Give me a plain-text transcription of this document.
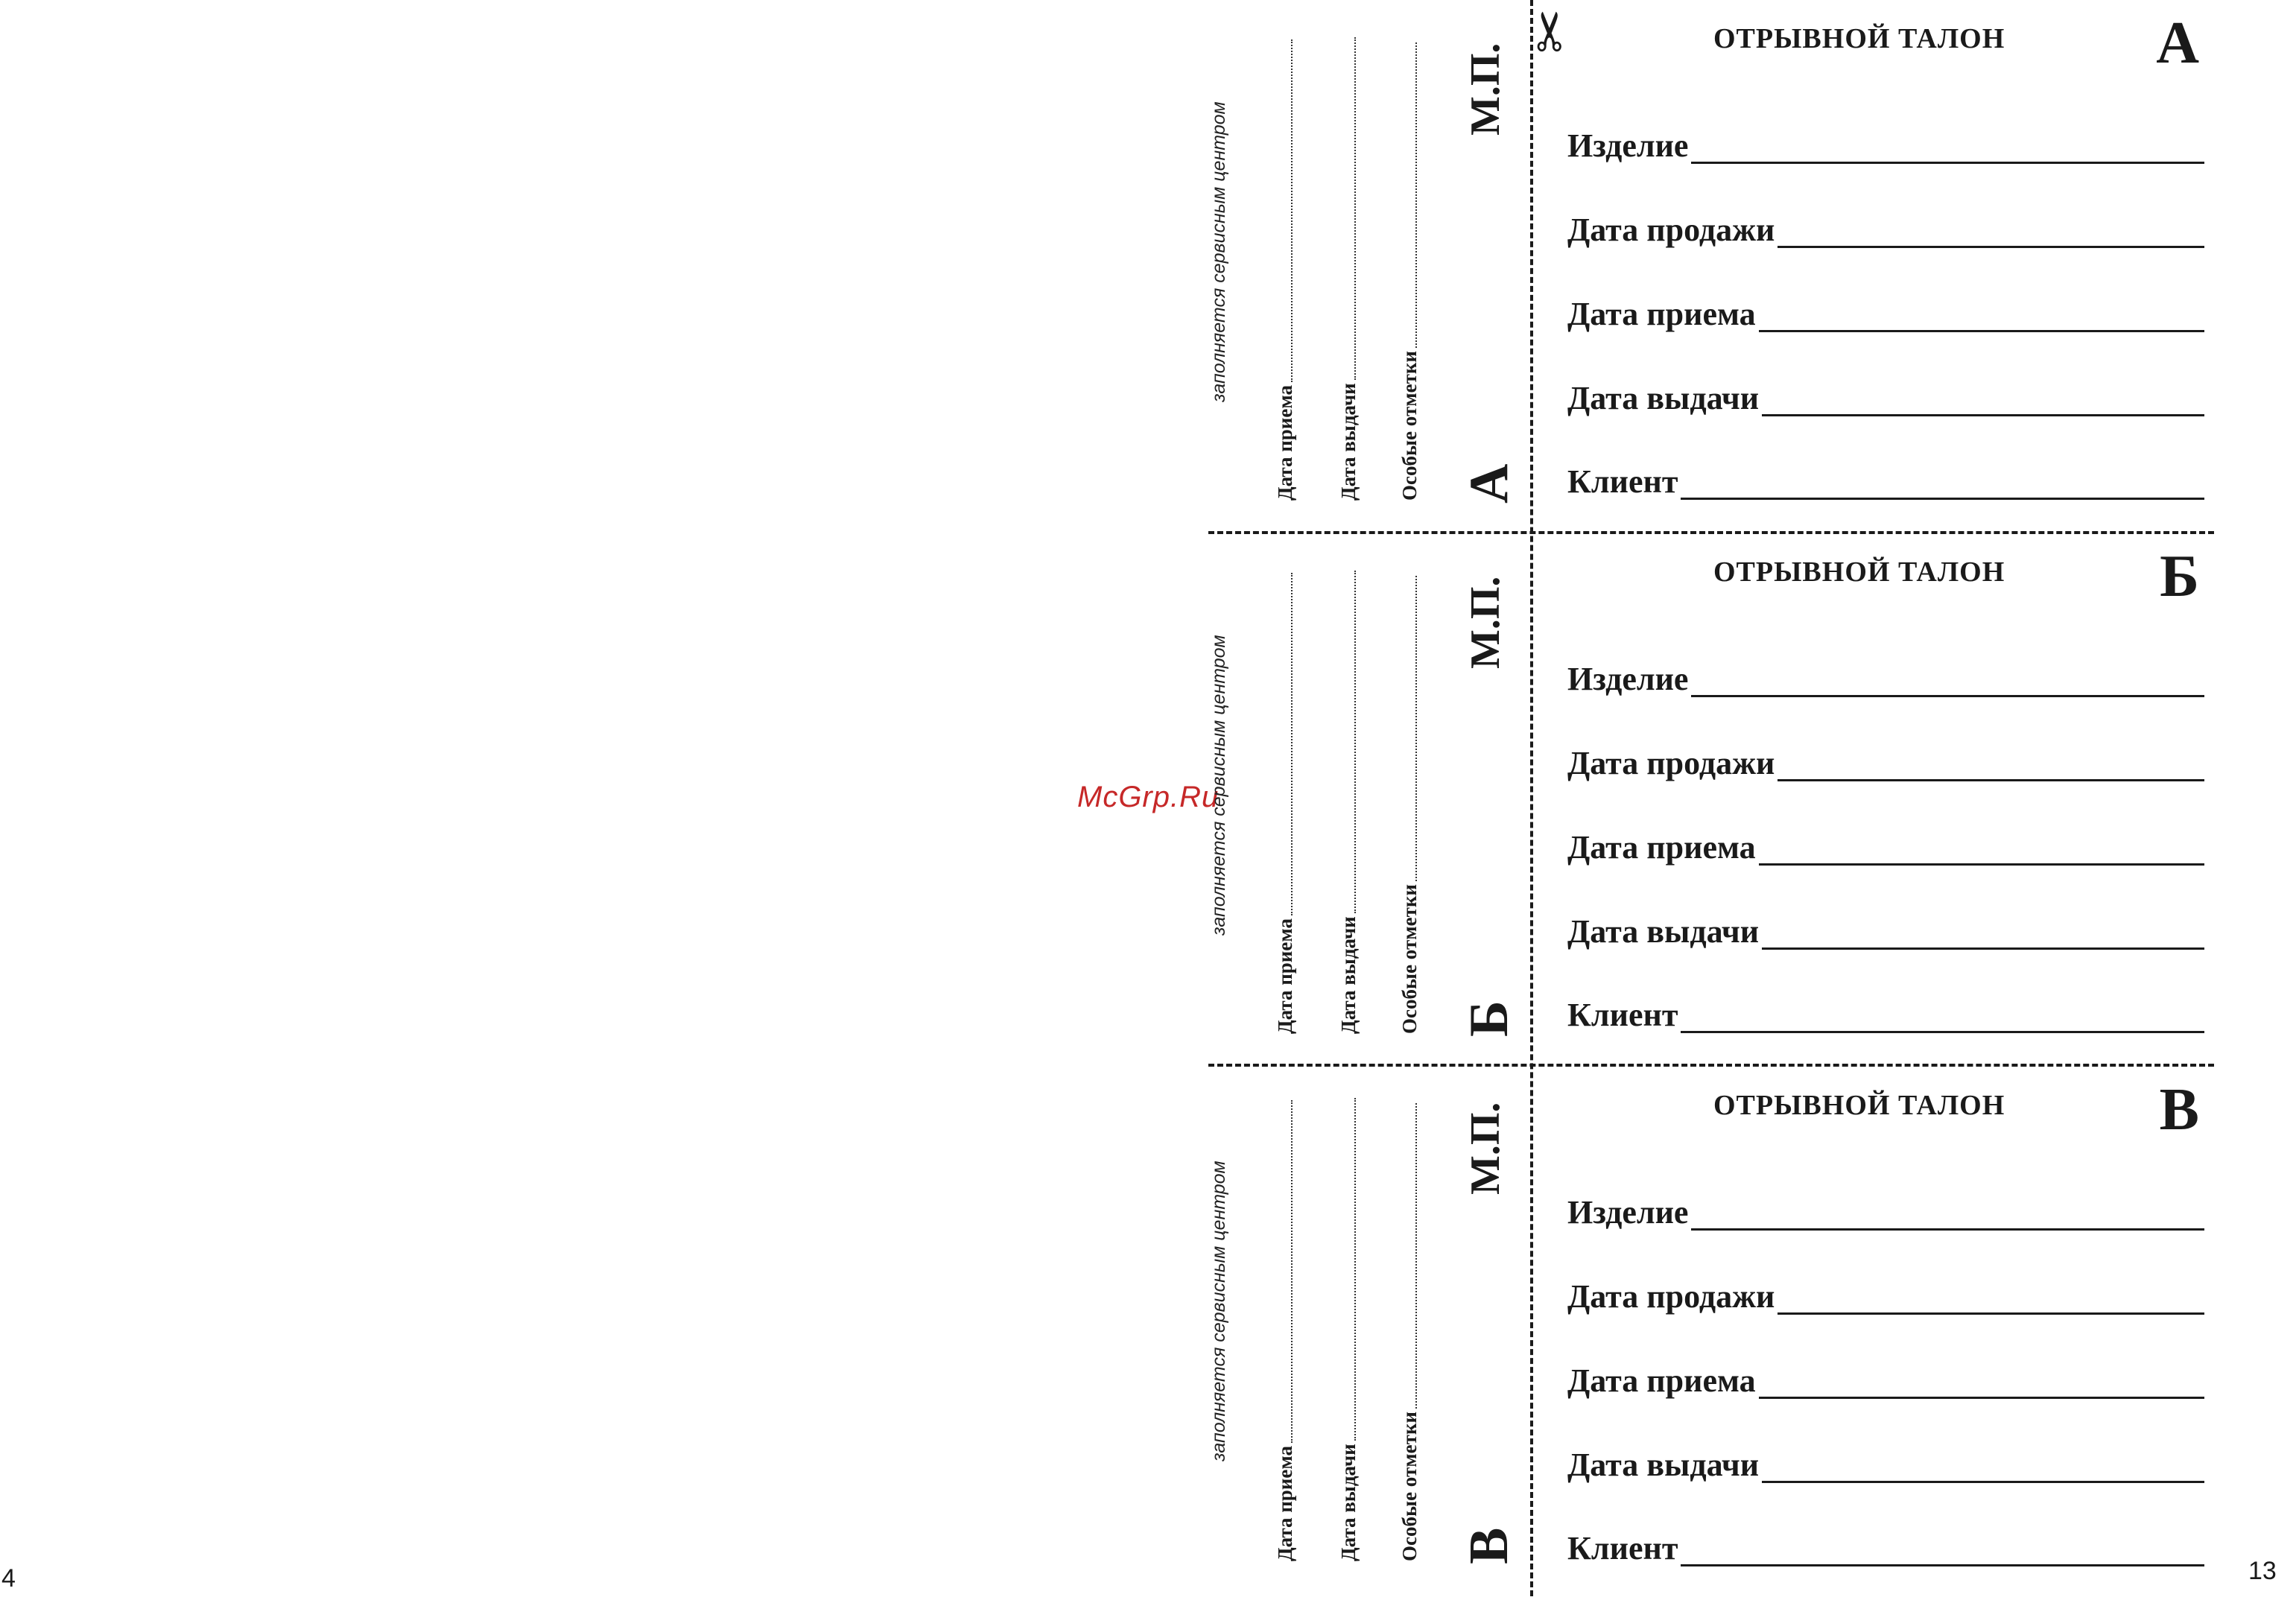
4	13
✂
McGrp.Ru
ОТРЫВНОЙ ТАЛОН	А
Изделие
Дата продажи
Дата приема
Дата выдачи
Клиент
ОТРЫВНОЙ ТАЛОН	Б
Изделие
Дата продажи
Дата приема
Дата выдачи
Клиент
ОТРЫВНОЙ ТАЛОН	В
Изделие
Дата продажи
Дата приема
Дата выдачи
Клиент
заполняется сервисным центром
Дата приема Дата выдачи Особые отметки А
М.П.
заполняется сервисным центром
Дата приема Дата выдачи Особые отметки Б
М.П.
заполняется сервисным центром
Дата приема Дата выдачи Особые отметки В
М.П.
